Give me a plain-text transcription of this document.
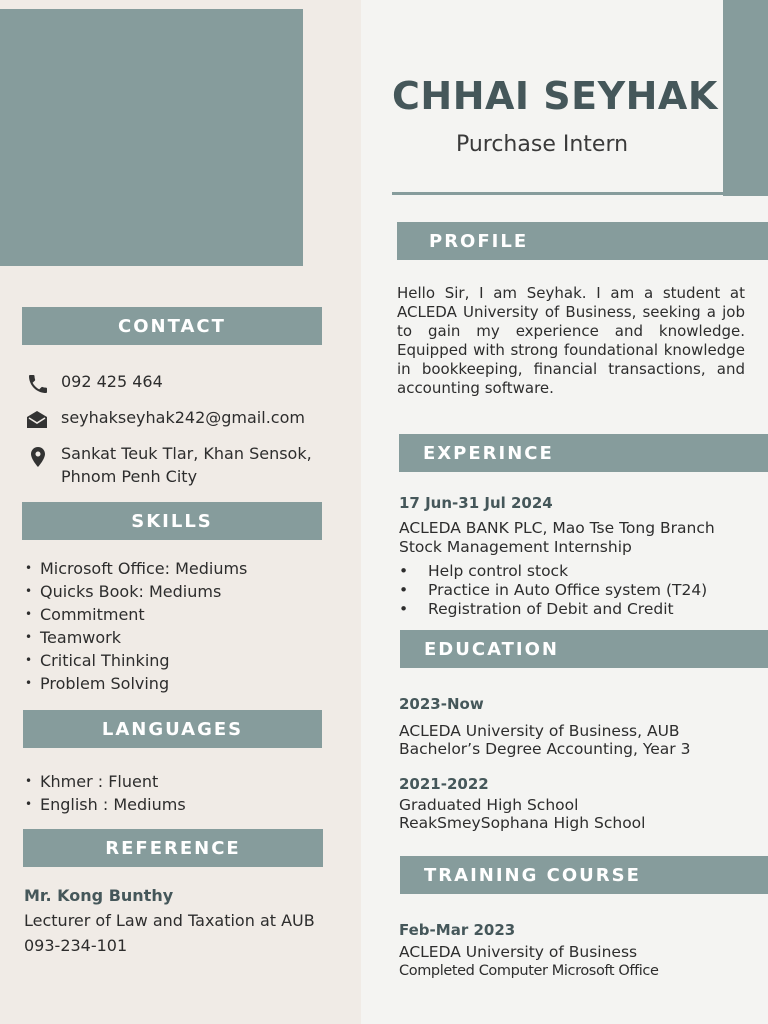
CHHAI SEYHAK
Purchase Intern
CONTACT
092 425 464
seyhakseyhak242@gmail.com
Sankat Teuk Tlar, Khan Sensok,
Phnom Penh City
SKILLS
• Microsoft Office: Mediums
• Quicks Book: Mediums
• Commitment
• Teamwork
• Critical Thinking
• Problem Solving
LANGUAGES
• Khmer : Fluent
• English : Mediums
REFERENCE
Mr. Kong Bunthy
Lecturer of Law and Taxation at AUB
093-234-101
PROFILE

Hello Sir, I am Seyhak. I am a student at ACLEDA University of Business, seeking a job to gain my experience and knowledge. Equipped with strong foundational knowledge in bookkeeping, financial transactions, and accounting software.

EXPERINCE
17 Jun-31 Jul 2024
ACLEDA BANK PLC, Mao Tse Tong Branch
Stock Management Internship
• Help control stock
• Practice in Auto Office system (T24)
• Registration of Debit and Credit
EDUCATION
2023-Now
ACLEDA University of Business, AUB
Bachelor’s Degree Accounting, Year 3
2021-2022
Graduated High School
ReakSmeySophana High School
TRAINING COURSE
Feb-Mar 2023
ACLEDA University of Business
Completed Computer Microsoft Office
